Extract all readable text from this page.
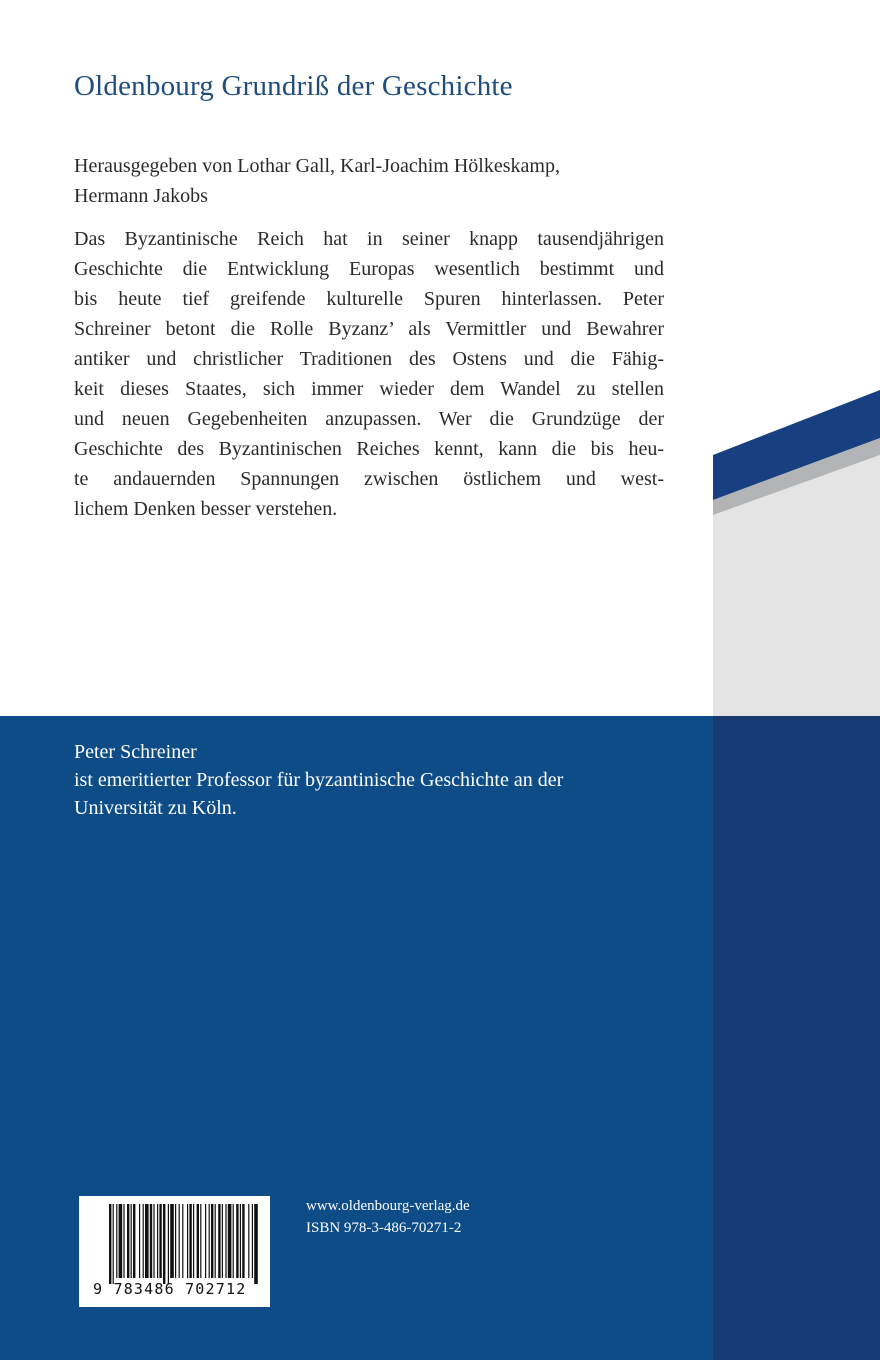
Oldenbourg Grundriß der Geschichte
Herausgegeben von Lothar Gall, Karl-Joachim Hölkeskamp,
Hermann Jakobs
Das Byzantinische Reich hat in seiner knapp tausendjährigen
Geschichte die Entwicklung Europas wesentlich bestimmt und
bis heute tief greifende kulturelle Spuren hinterlassen. Peter
Schreiner betont die Rolle Byzanz’ als Vermittler und Bewahrer
antiker und christlicher Traditionen des Ostens und die Fähig-
keit dieses Staates, sich immer wieder dem Wandel zu stellen
und neuen Gegebenheiten anzupassen. Wer die Grundzüge der
Geschichte des Byzantinischen Reiches kennt, kann die bis heu-
te andauernden Spannungen zwischen östlichem und west-
lichem Denken besser verstehen.
Peter Schreiner
ist emeritierter Professor für byzantinische Geschichte an der
Universität zu Köln.
9 783486 702712
www.oldenbourg-verlag.de
ISBN 978-3-486-70271-2
